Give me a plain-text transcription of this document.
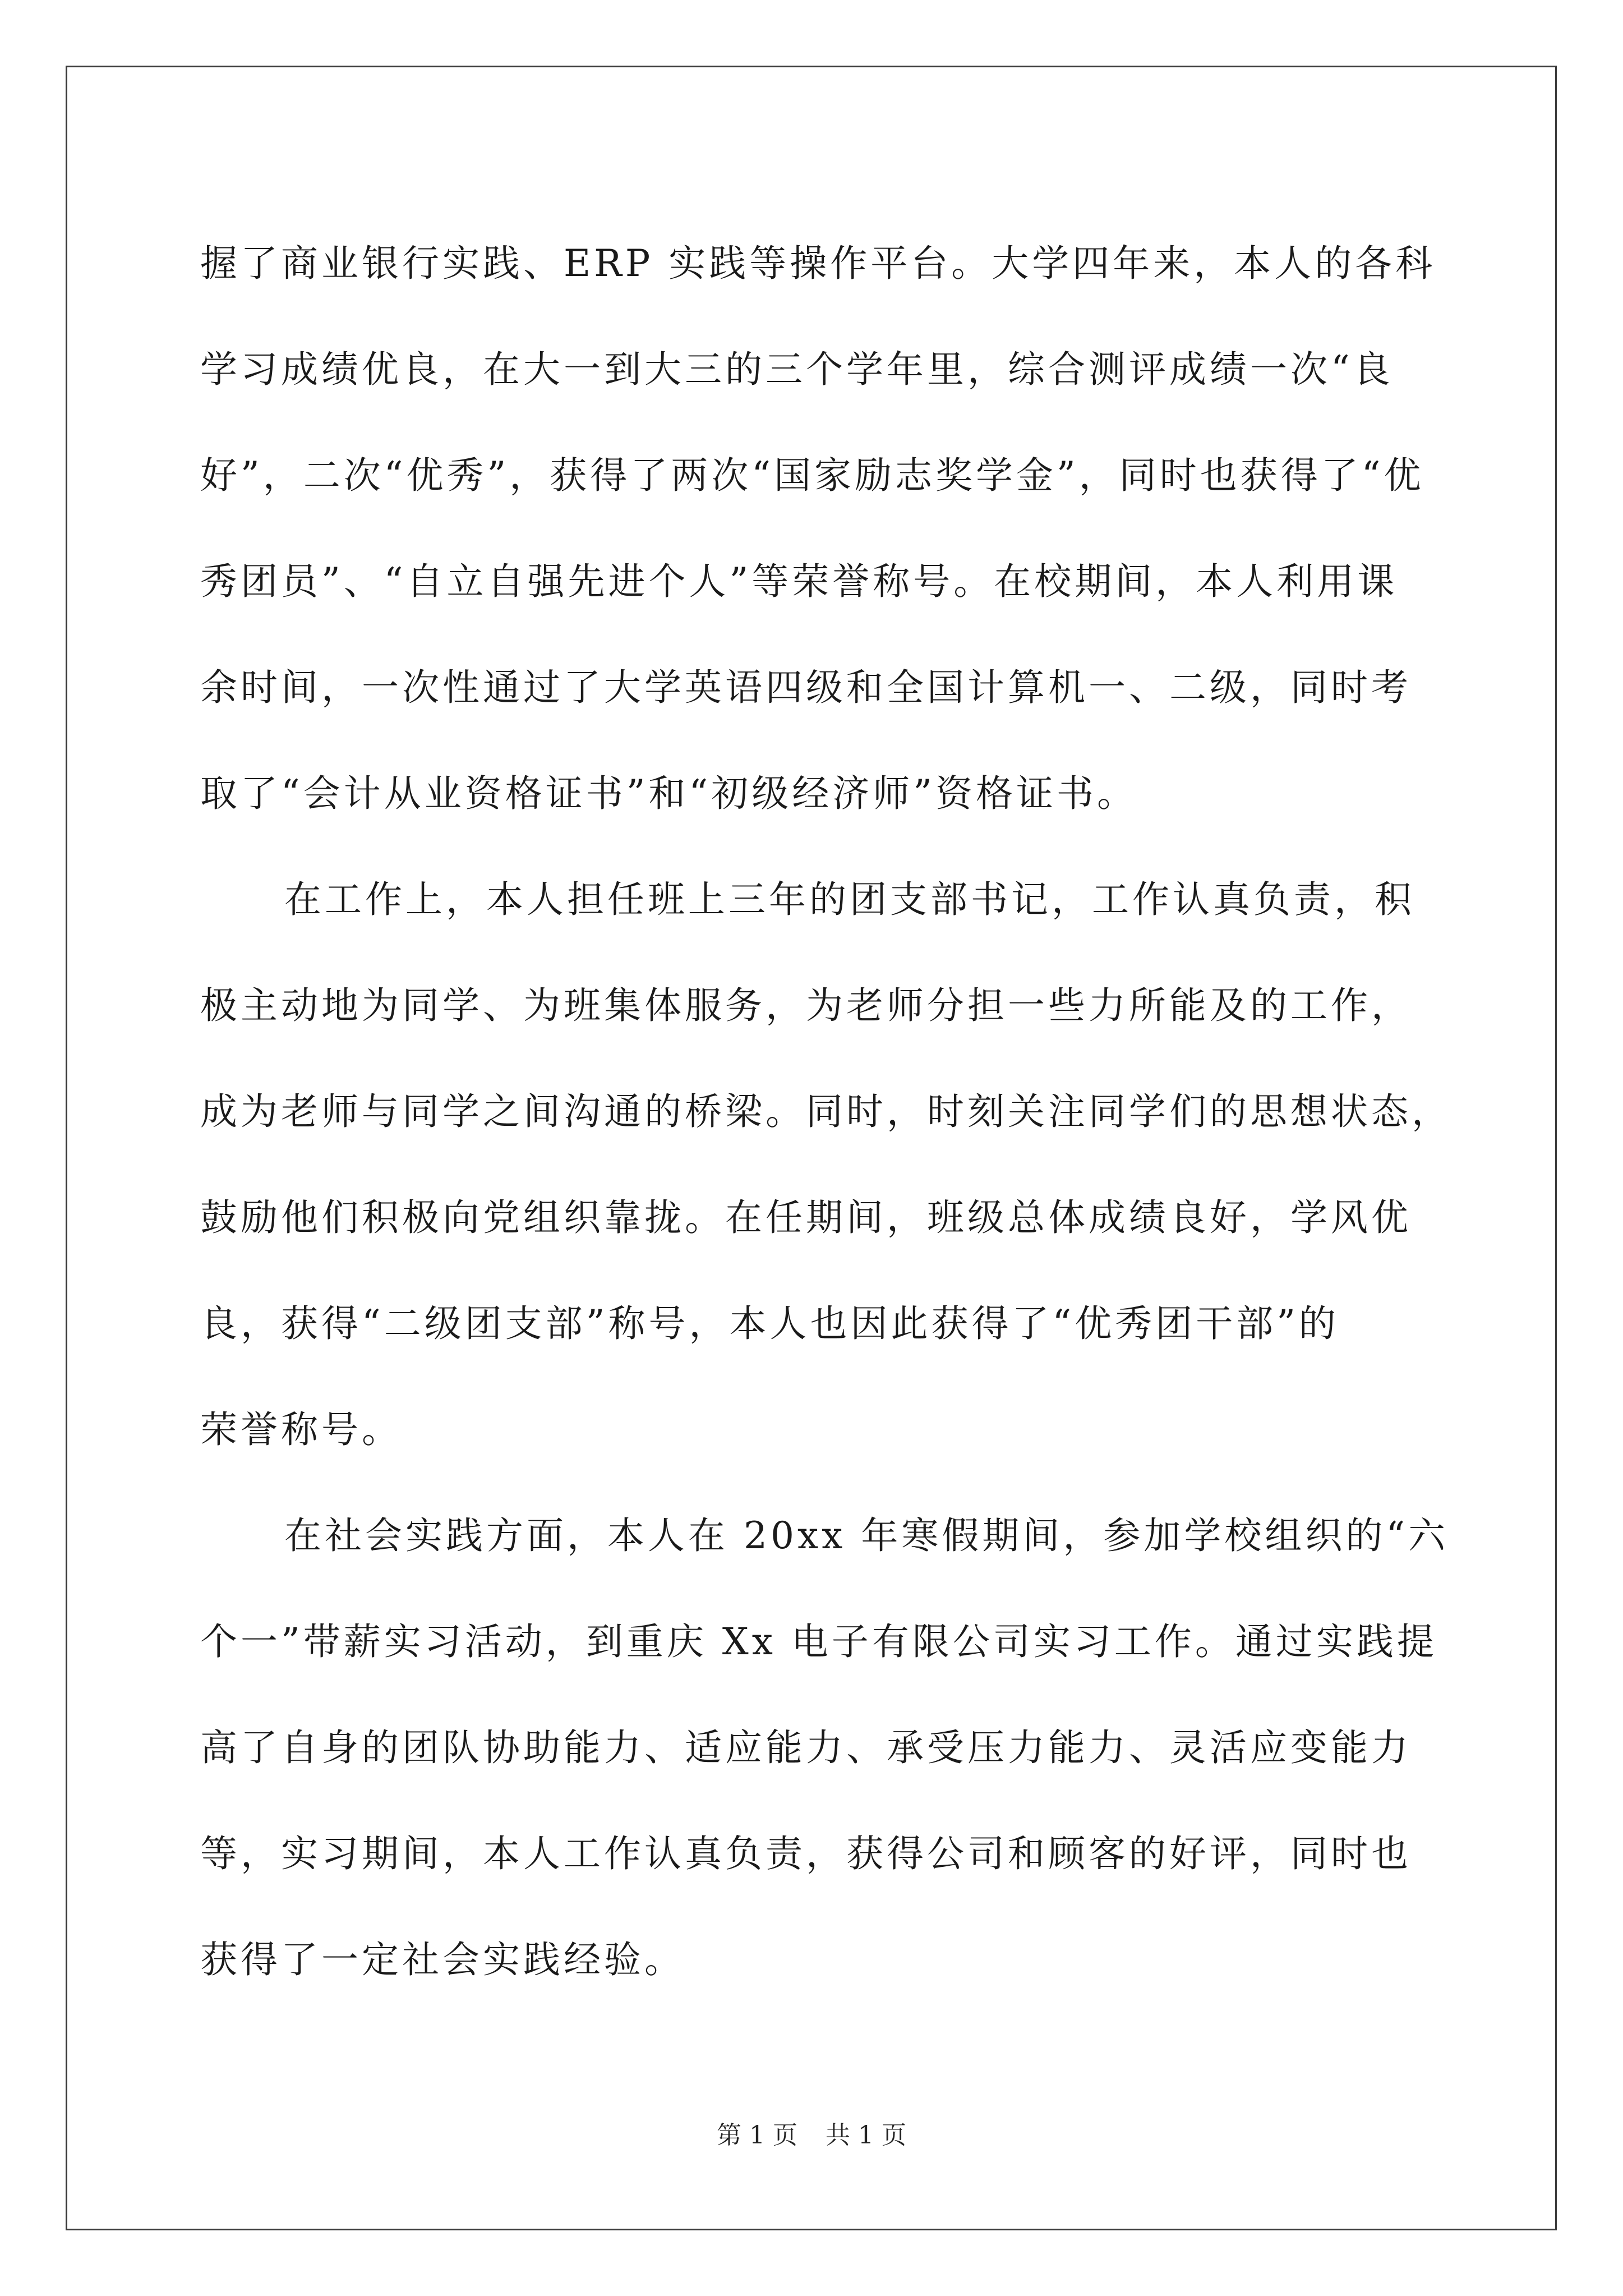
握了商业银行实践、ERP 实践等操作平台。大学四年来，本人的各科
学习成绩优良，在大一到大三的三个学年里，综合测评成绩一次“良
好”，二次“优秀”，获得了两次“国家励志奖学金”，同时也获得了“优
秀团员”、“自立自强先进个人”等荣誉称号。在校期间，本人利用课
余时间，一次性通过了大学英语四级和全国计算机一、二级，同时考
取了“会计从业资格证书”和“初级经济师”资格证书。

在工作上，本人担任班上三年的团支部书记，工作认真负责，积
极主动地为同学、为班集体服务，为老师分担一些力所能及的工作，
成为老师与同学之间沟通的桥梁。同时，时刻关注同学们的思想状态，
鼓励他们积极向党组织靠拢。在任期间，班级总体成绩良好，学风优
良，获得“二级团支部”称号，本人也因此获得了“优秀团干部”的
荣誉称号。

在社会实践方面，本人在 20xx 年寒假期间，参加学校组织的“六
个一”带薪实习活动，到重庆 Xx 电子有限公司实习工作。通过实践提
高了自身的团队协助能力、适应能力、承受压力能力、灵活应变能力
等，实习期间，本人工作认真负责，获得公司和顾客的好评，同时也
获得了一定社会实践经验。

第 1 页 共 1 页
